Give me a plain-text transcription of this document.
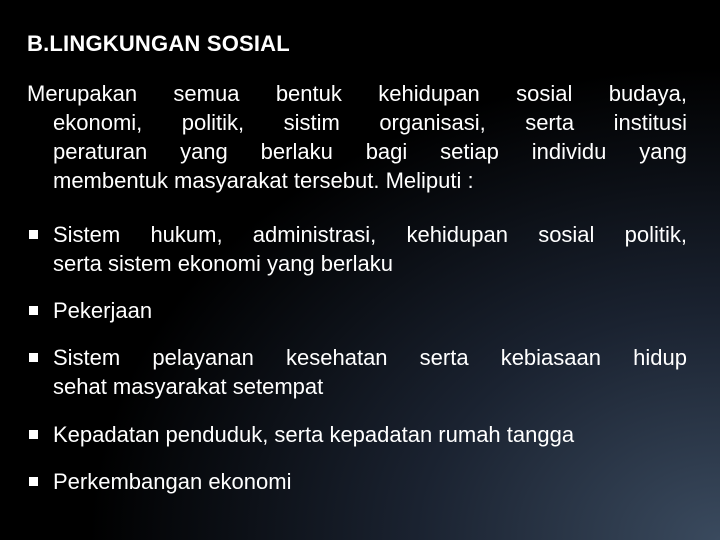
B.LINGKUNGAN SOSIAL
Merupakan semua bentuk kehidupan sosial budaya,
ekonomi, politik, sistim organisasi, serta institusi
peraturan yang berlaku bagi setiap individu yang
membentuk masyarakat tersebut. Meliputi :
Sistem hukum, administrasi, kehidupan sosial politik,
serta sistem ekonomi yang berlaku
Pekerjaan
Sistem pelayanan kesehatan serta kebiasaan hidup
sehat masyarakat setempat
Kepadatan penduduk, serta kepadatan rumah tangga
Perkembangan ekonomi
